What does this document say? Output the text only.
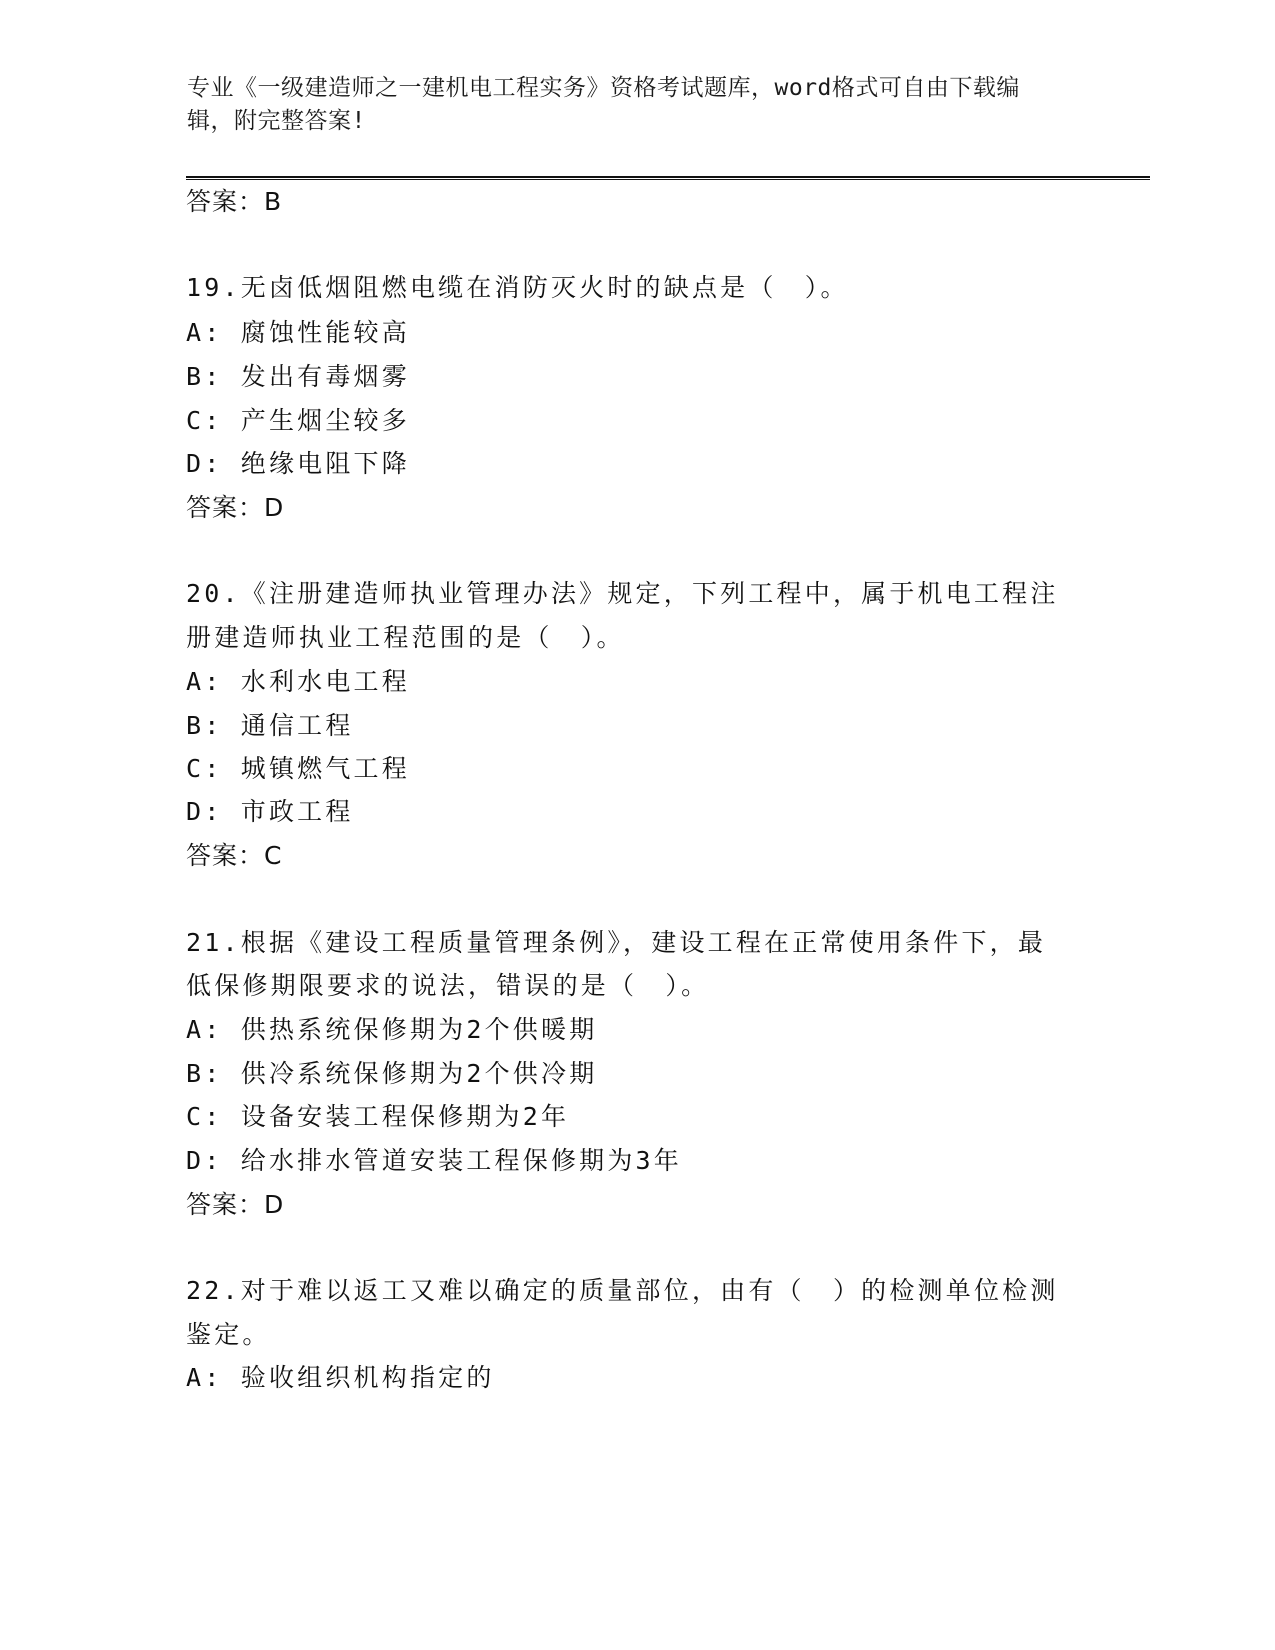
专业《一级建造师之一建机电工程实务》资格考试题库，word格式可自由下载编
辑，附完整答案!
答案：B
19.无卤低烟阻燃电缆在消防灭火时的缺点是（　）。
A: 腐蚀性能较高
B: 发出有毒烟雾
C: 产生烟尘较多
D: 绝缘电阻下降
答案：D
20.《注册建造师执业管理办法》规定，下列工程中，属于机电工程注
册建造师执业工程范围的是（　）。
A: 水利水电工程
B: 通信工程
C: 城镇燃气工程
D: 市政工程
答案：C
21.根据《建设工程质量管理条例》，建设工程在正常使用条件下，最
低保修期限要求的说法，错误的是（　）。
A: 供热系统保修期为2个供暖期
B: 供冷系统保修期为2个供冷期
C: 设备安装工程保修期为2年
D: 给水排水管道安装工程保修期为3年
答案：D
22.对于难以返工又难以确定的质量部位，由有（　）的检测单位检测
鉴定。
A: 验收组织机构指定的
